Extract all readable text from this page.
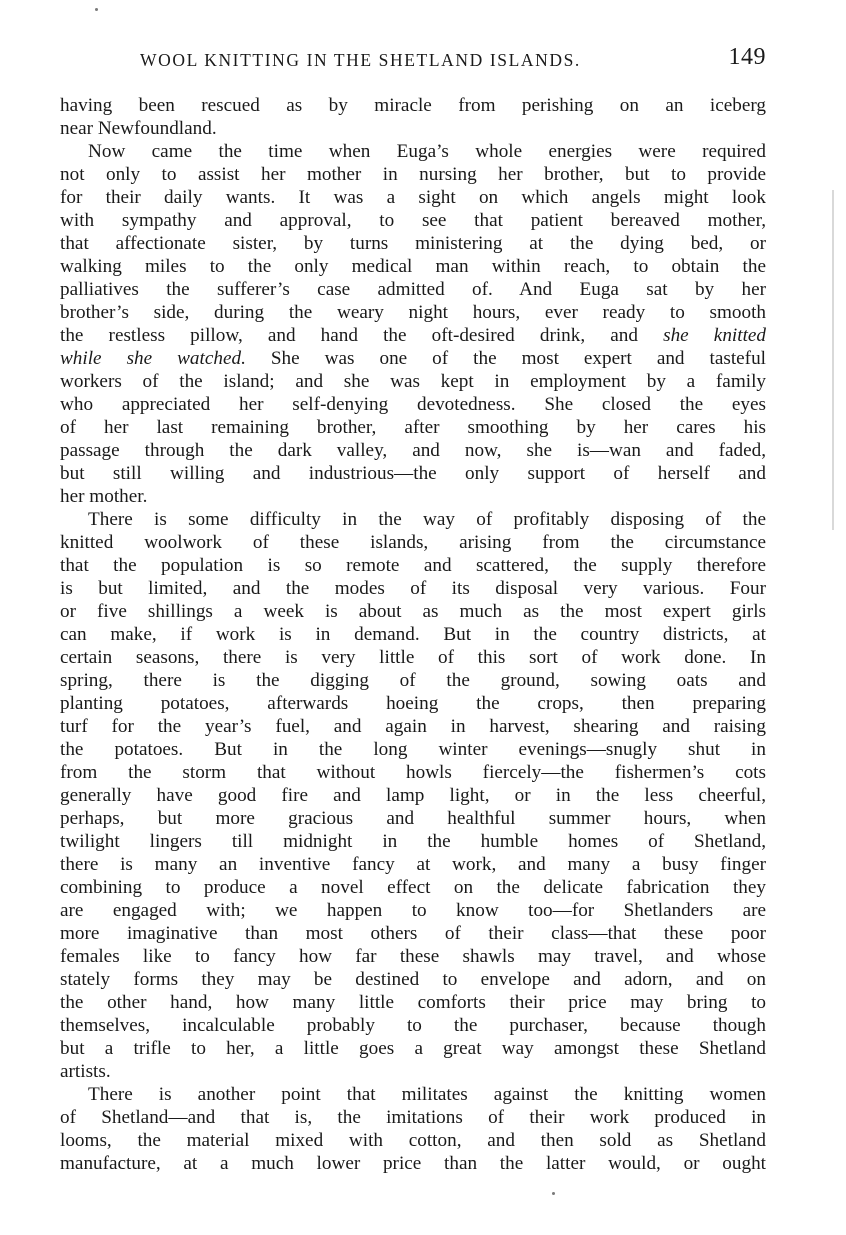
WOOL KNITTING IN THE SHETLAND ISLANDS.	149
having been rescued as by miracle from perishing on an iceberg
near Newfoundland.
Now came the time when Euga’s whole energies were required
not only to assist her mother in nursing her brother, but to provide
for their daily wants. It was a sight on which angels might look
with sympathy and approval, to see that patient bereaved mother,
that affectionate sister, by turns ministering at the dying bed, or
walking miles to the only medical man within reach, to obtain the
palliatives the sufferer’s case admitted of. And Euga sat by her
brother’s side, during the weary night hours, ever ready to smooth
the restless pillow, and hand the oft-desired drink, and she knitted
while she watched. She was one of the most expert and tasteful
workers of the island; and she was kept in employment by a family
who appreciated her self-denying devotedness. She closed the eyes
of her last remaining brother, after smoothing by her cares his
passage through the dark valley, and now, she is—wan and faded,
but still willing and industrious—the only support of herself and
her mother.
There is some difficulty in the way of profitably disposing of the
knitted woolwork of these islands, arising from the circumstance
that the population is so remote and scattered, the supply therefore
is but limited, and the modes of its disposal very various. Four
or five shillings a week is about as much as the most expert girls
can make, if work is in demand. But in the country districts, at
certain seasons, there is very little of this sort of work done. In
spring, there is the digging of the ground, sowing oats and
planting potatoes, afterwards hoeing the crops, then preparing
turf for the year’s fuel, and again in harvest, shearing and raising
the potatoes. But in the long winter evenings—snugly shut in
from the storm that without howls fiercely—the fishermen’s cots
generally have good fire and lamp light, or in the less cheerful,
perhaps, but more gracious and healthful summer hours, when
twilight lingers till midnight in the humble homes of Shetland,
there is many an inventive fancy at work, and many a busy finger
combining to produce a novel effect on the delicate fabrication they
are engaged with; we happen to know too—for Shetlanders are
more imaginative than most others of their class—that these poor
females like to fancy how far these shawls may travel, and whose
stately forms they may be destined to envelope and adorn, and on
the other hand, how many little comforts their price may bring to
themselves, incalculable probably to the purchaser, because though
but a trifle to her, a little goes a great way amongst these Shetland
artists.
There is another point that militates against the knitting women
of Shetland—and that is, the imitations of their work produced in
looms, the material mixed with cotton, and then sold as Shetland
manufacture, at a much lower price than the latter would, or ought
